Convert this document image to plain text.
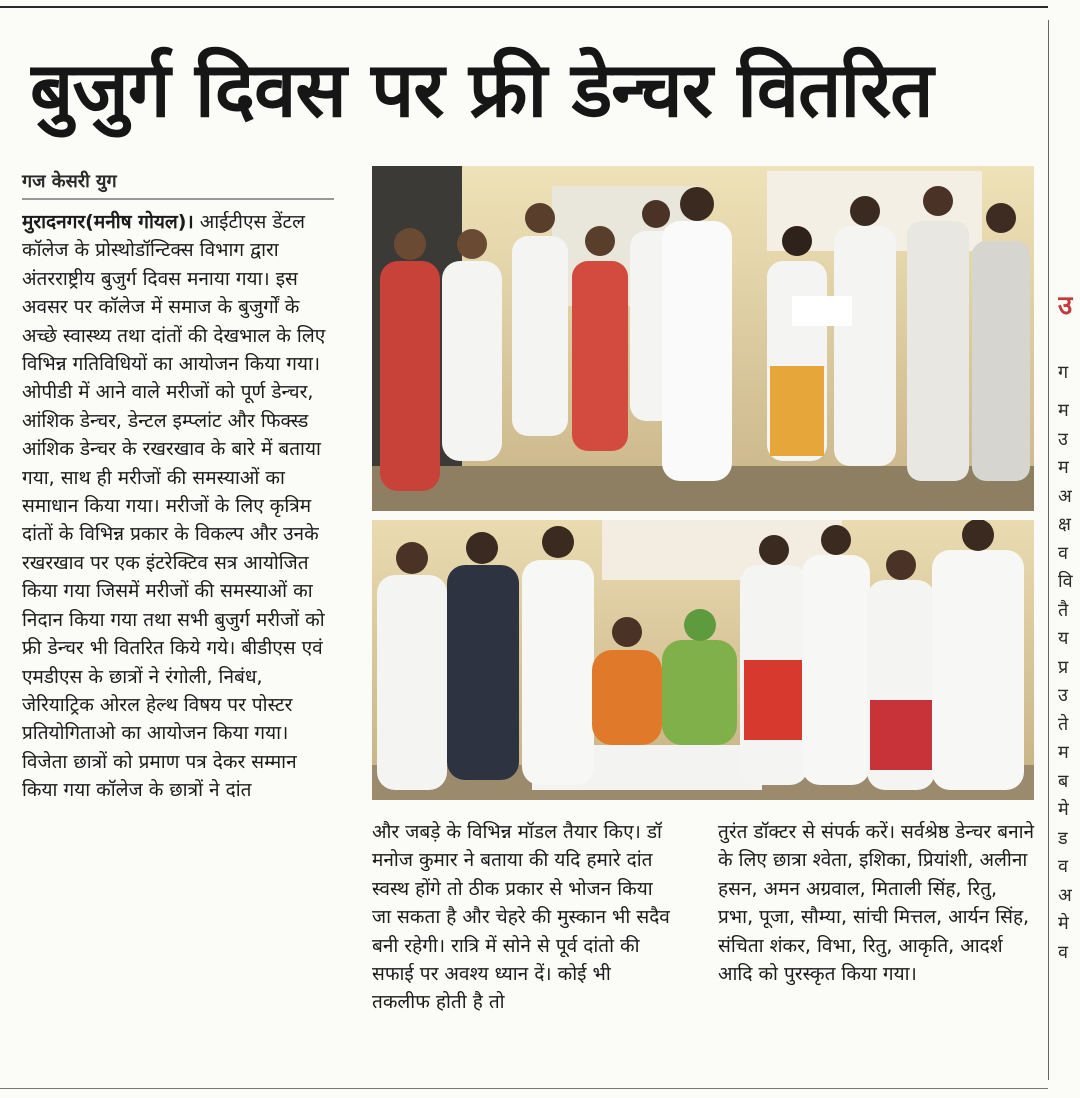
बुजुर्ग दिवस पर फ्री डेन्चर वितरित
गज केसरी युग

मुरादनगर(मनीष गोयल)। आईटीएस डेंटल कॉलेज के प्रोस्थोडॉन्टिक्स विभाग द्वारा अंतरराष्ट्रीय बुजुर्ग दिवस मनाया गया। इस अवसर पर कॉलेज में समाज के बुजुर्गों के अच्छे स्वास्थ्य तथा दांतों की देखभाल के लिए विभिन्न गतिविधियों का आयोजन किया गया। ओपीडी में आने वाले मरीजों को पूर्ण डेन्चर, आंशिक डेन्चर, डेन्टल इम्प्लांट और फिक्स्ड आंशिक डेन्चर के रखरखाव के बारे में बताया गया, साथ ही मरीजों की समस्याओं का समाधान किया गया। मरीजों के लिए कृत्रिम दांतों के विभिन्न प्रकार के विकल्प और उनके रखरखाव पर एक इंटरेक्टिव सत्र आयोजित किया गया जिसमें मरीजों की समस्याओं का निदान किया गया तथा सभी बुजुर्ग मरीजों को फ्री डेन्चर भी वितरित किये गये। बीडीएस एवं एमडीएस के छात्रों ने रंगोली, निबंध, जेरियाट्रिक ओरल हेल्थ विषय पर पोस्टर प्रतियोगिताओ का आयोजन किया गया। विजेता छात्रों को प्रमाण पत्र देकर सम्मान किया गया कॉलेज के छात्रों ने दांत

और जबड़े के विभिन्न मॉडल तैयार किए। डॉ मनोज कुमार ने बताया की यदि हमारे दांत स्वस्थ होंगे तो ठीक प्रकार से भोजन किया जा सकता है और चेहरे की मुस्कान भी सदैव बनी रहेगी। रात्रि में सोने से पूर्व दांतो की सफाई पर अवश्य ध्यान दें। कोई भी तकलीफ होती है तो

तुरंत डॉक्टर से संपर्क करें। सर्वश्रेष्ठ डेन्चर बनाने के लिए छात्रा श्वेता, इशिका, प्रियांशी, अलीना हसन, अमन अग्रवाल, मिताली सिंह, रितु, प्रभा, पूजा, सौम्या, सांची मित्तल, आर्यन सिंह, संचिता शंकर, विभा, रितु, आकृति, आदर्श आदि को पुरस्कृत किया गया।

उ
ग
म
उ
म
अ
क्ष
व
वि
तै
य
प्र
उ
ते
म
ब
मे
ड
व
अ
मे
व
